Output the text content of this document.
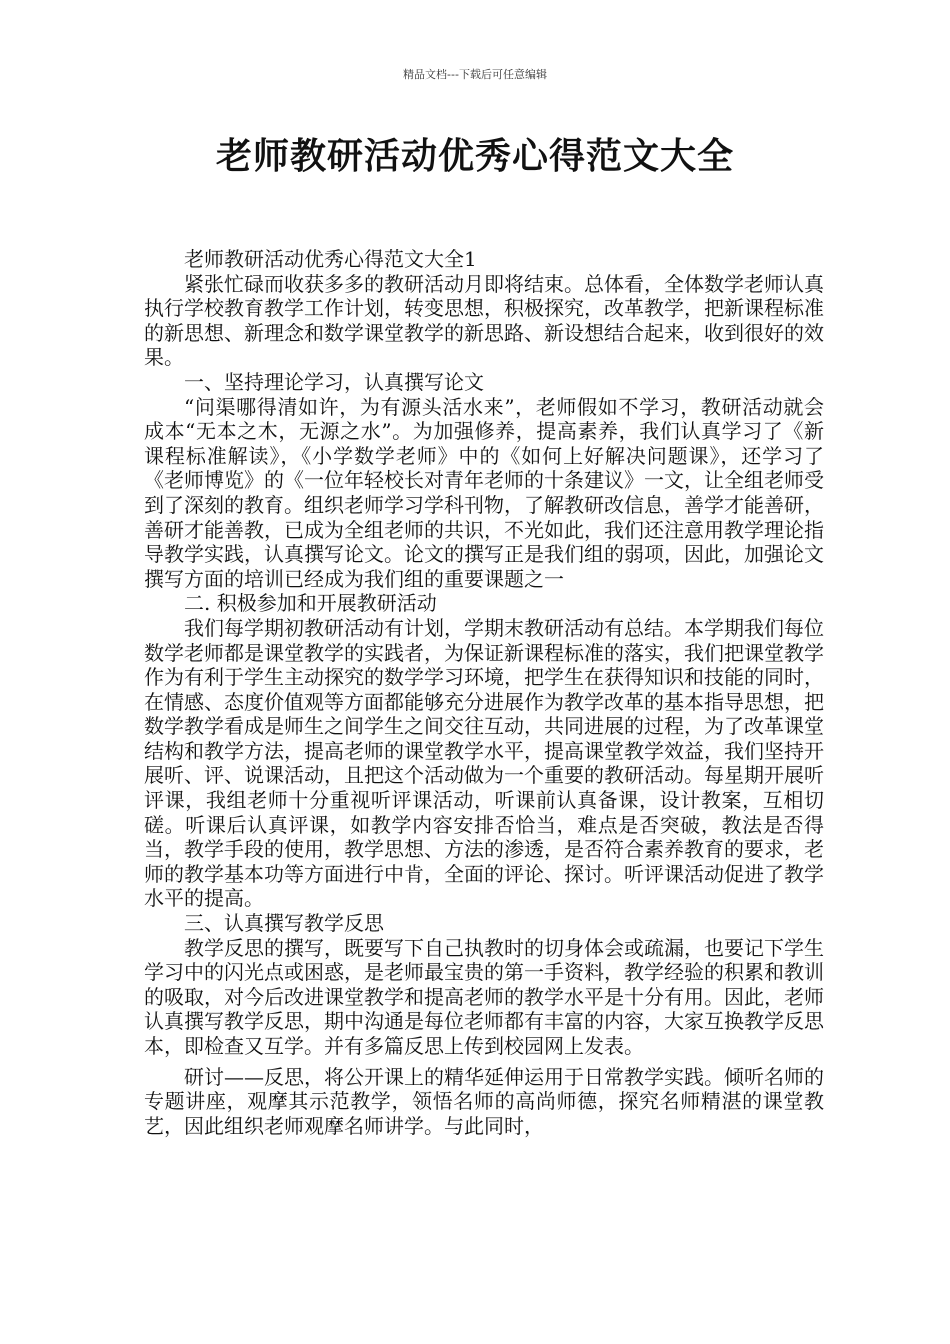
精品文档---下载后可任意编辑
老师教研活动优秀心得范文大全

老师教研活动优秀心得范文大全1

紧张忙碌而收获多多的教研活动月即将结束。总体看，全体数学老师认真执行学校教育教学工作计划，转变思想，积极探究，改革教学，把新课程标准的新思想、新理念和数学课堂教学的新思路、新设想结合起来，收到很好的效果。

一、坚持理论学习，认真撰写论文

“问渠哪得清如许，为有源头活水来”，老师假如不学习，教研活动就会成本“无本之木，无源之水”。为加强修养，提高素养，我们认真学习了《新课程标准解读》，《小学数学老师》中的《如何上好解决问题课》，还学习了《老师博览》的《一位年轻校长对青年老师的十条建议》一文，让全组老师受到了深刻的教育。组织老师学习学科刊物，了解教研改信息，善学才能善研，善研才能善教，已成为全组老师的共识，不光如此，我们还注意用教学理论指导教学实践，认真撰写论文。论文的撰写正是我们组的弱项，因此，加强论文撰写方面的培训已经成为我们组的重要课题之一

二. 积极参加和开展教研活动

我们每学期初教研活动有计划，学期末教研活动有总结。本学期我们每位数学老师都是课堂教学的实践者，为保证新课程标准的落实，我们把课堂教学作为有利于学生主动探究的数学学习环境，把学生在获得知识和技能的同时，在情感、态度价值观等方面都能够充分进展作为教学改革的基本指导思想，把数学教学看成是师生之间学生之间交往互动，共同进展的过程，为了改革课堂结构和教学方法，提高老师的课堂教学水平，提高课堂教学效益，我们坚持开展听、评、说课活动，且把这个活动做为一个重要的教研活动。每星期开展听评课，我组老师十分重视听评课活动，听课前认真备课，设计教案，互相切磋。听课后认真评课，如教学内容安排否恰当，难点是否突破，教法是否得当，教学手段的使用，教学思想、方法的渗透，是否符合素养教育的要求，老师的教学基本功等方面进行中肯，全面的评论、探讨。听评课活动促进了教学水平的提高。

三、认真撰写教学反思

教学反思的撰写，既要写下自己执教时的切身体会或疏漏，也要记下学生学习中的闪光点或困惑，是老师最宝贵的第一手资料，教学经验的积累和教训的吸取，对今后改进课堂教学和提高老师的教学水平是十分有用。因此，老师认真撰写教学反思，期中沟通是每位老师都有丰富的内容，大家互换教学反思本，即检查又互学。并有多篇反思上传到校园网上发表。

研讨——反思，将公开课上的精华延伸运用于日常教学实践。倾听名师的专题讲座，观摩其示范教学，领悟名师的高尚师德，探究名师精湛的课堂教艺，因此组织老师观摩名师讲学。与此同时，
